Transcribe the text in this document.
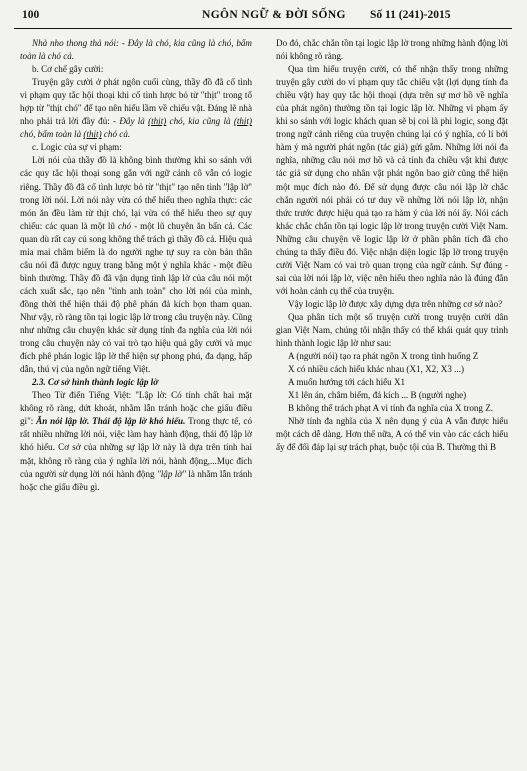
100	NGÔN NGỮ & ĐỜI SỐNG Số 11 (241)-2015

Nhà nho thong thả nói: - Đây là chó, kia cũng là chó, bẩm toàn là chó cả.

b. Cơ chế gây cười:

Truyện gây cười ở phát ngôn cuối cùng, thầy đồ đã cố tình vi phạm quy tắc hội thoại khi cố tình lược bỏ từ "thịt" trong tổ hợp từ "thịt chó" để tạo nên hiểu lầm về chiếu vật. Đáng lẽ nhà nho phải trả lời đầy đủ: - Đây là (thịt) chó, kia cũng là (thịt) chó, bẩm toàn là (thịt) chó cả.

c. Logic của sự vi phạm:

Lời nói của thầy đồ là không bình thường khi so sánh với các quy tắc hội thoại song gắn với ngữ cảnh cô vẫn có logic riêng. Thầy đồ đã cố tình lược bỏ từ "thịt" tạo nên tình "lập lờ" trong lời nói. Lời nói này vừa có thể hiểu theo nghĩa thực: các món ăn đều làm từ thịt chó, lại vừa có thể hiểu theo sự quy chiếu: các quan là một lũ chó - một lũ chuyên ăn bẩn cả. Các quan dù rất cay cú song không thể trách gì thầy đồ cả. Hiệu quả mỉa mai châm biếm là do người nghe tự suy ra còn bản thân câu nói đã được nguỵ trang bằng một ý nghĩa khác - một điều bình thường. Thầy đồ đã vận dụng tình lập lờ của câu nói một cách xuất sắc, tạo nên "tình anh toàn" cho lời nói của mình, đồng thời thể hiện thái độ phê phán đả kích bọn tham quan. Như vậy, rõ ràng tồn tại logic lập lờ trong câu truyện này. Cũng như những câu chuyện khác sử dụng tính đa nghĩa của lời nói trong câu chuyện này có vai trò tạo hiệu quả gây cười và mục đích phê phán logic lập lờ thể hiện sự phong phú, đa dạng, hấp dẫn, thú vị của ngôn ngữ tiếng Việt.

2.3. Cơ sở hình thành logic lập lờ

Theo Từ điển Tiếng Việt: "Lập lờ: Có tính chất hai mặt không rõ ràng, dứt khoát, nhằm lẫn tránh hoặc che giấu điều gì": Ăn nói lập lờ. Thái độ lập lờ khó hiểu. Trong thực tế, có rất nhiều những lời nói, việc làm hay hành động, thái độ lập lờ khó hiểu. Cơ sở của những sự lập lờ này là dựa trên tính hai mặt, không rõ ràng của ý nghĩa lời nói, hành động,...Mục đích của người sử dụng lời nói hành động "lập lờ" là nhằm lẫn tránh hoặc che giấu điều gì.

Do đó, chắc chắn tồn tại logic lập lờ trong những hành động lời nói không rõ ràng.

Qua tìm hiểu truyện cười, có thể nhận thấy trong những truyện gây cười do vi phạm quy tắc chiếu vật (lợi dụng tính đa chiều vật) hay quy tắc hội thoại (dựa trên sự mơ hồ về nghĩa của phát ngôn) thường tồn tại logic lập lờ. Những vi phạm ấy khi so sánh với logic khách quan sẽ bị coi là phi logic, song đặt trong ngữ cảnh riêng của truyện chúng lại có ý nghĩa, có lí bởi hàm ý mà người phát ngôn (tác giả) gửi gắm. Những lời nói đa nghĩa, những câu nói mơ hồ và cả tính đa chiều vật khi được tác giả sử dụng cho nhân vật phát ngôn bao giờ cũng thể hiện một mục đích nào đó. Để sử dụng được câu nói lập lờ chắc chắn người nói phải có tư duy về những lời nói lập lờ, nhận thức trước được hiệu quả tạo ra hàm ý của lời nói ấy. Nói cách khác chắc chắn tồn tại logic lập lờ trong truyện cười Việt Nam. Những câu chuyện về logic lập lờ ở phần phân tích đã cho chúng ta thấy điều đó. Việc nhận diện logic lập lờ trong truyện cười Việt Nam có vai trò quan trọng của ngữ cảnh. Sự đúng - sai của lời nói lập lờ, việc nên hiểu theo nghĩa nào là đúng đắn với hoàn cảnh cụ thể của truyện.

Vậy logic lập lờ được xây dựng dựa trên những cơ sở nào?

Qua phân tích một số truyện cười trong truyện cười dân gian Việt Nam, chúng tôi nhận thấy có thể khái quát quy trình hình thành logic lập lờ như sau:

A (người nói) tạo ra phát ngôn X trong tình huống Z

X có nhiều cách hiểu khác nhau (X1, X2, X3 ...)

A muốn hướng tới cách hiểu X1

X1 lên án, châm biếm, đả kích ... B (người nghe)

B không thể trách phạt A vì tính đa nghĩa của X trong Z.

Nhờ tính đa nghĩa của X nên dụng ý của A vẫn được hiểu một cách dễ dàng. Hơn thế nữa, A có thể vin vào các cách hiểu ấy để đối đáp lại sự trách phạt, buộc tội của B. Thường thì B
